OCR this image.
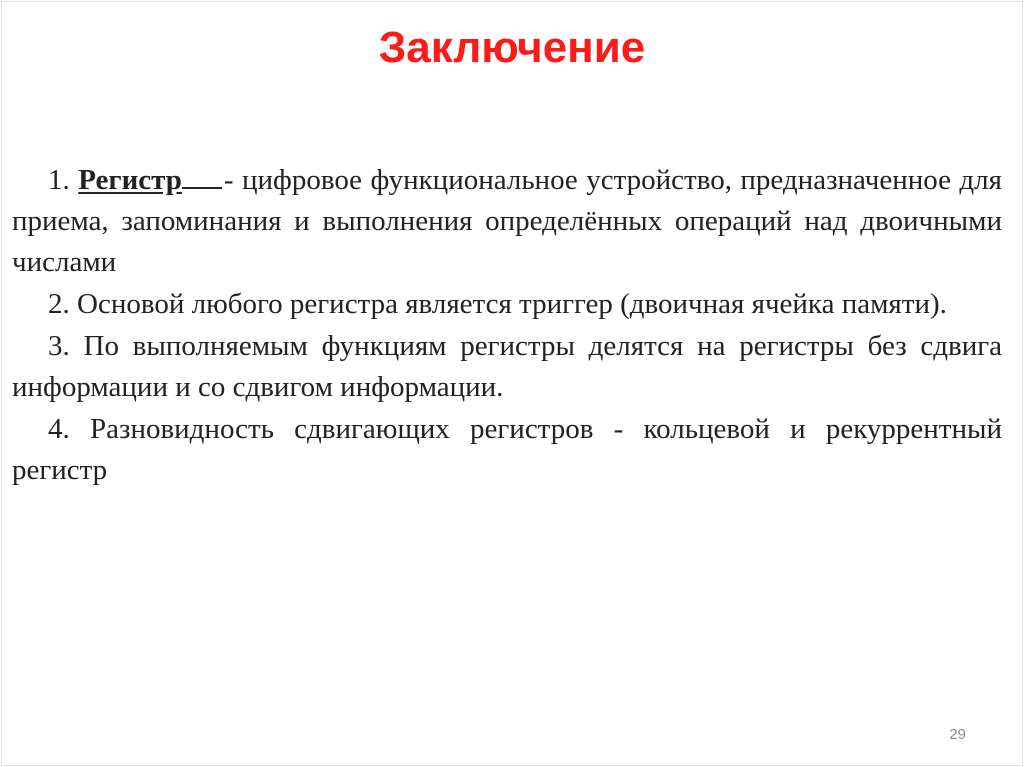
Заключение

1. Регистр - цифровое функциональное устройство, предназначенное для приема, запоминания и выполнения определённых операций над двоичными числами

2. Основой любого регистра является триггер (двоичная ячейка памяти).

3. По выполняемым функциям регистры делятся на регистры без сдвига информации и со сдвигом информации.

4. Разновидность сдвигающих регистров - кольцевой и рекуррентный регистр

29
